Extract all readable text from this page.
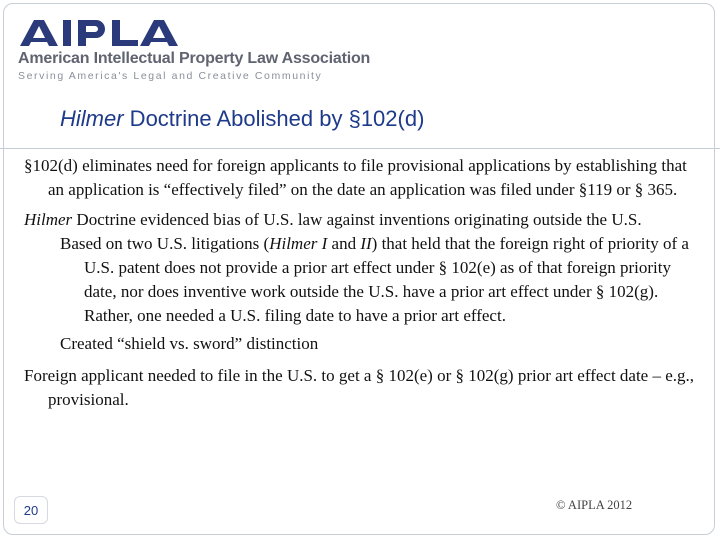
American Intellectual Property Law Association
Serving America's Legal and Creative Community
Hilmer Doctrine Abolished by §102(d)

§102(d) eliminates need for foreign applicants to file provisional applications by establishing that an application is “effectively filed” on the date an application was filed under §119 or § 365.

Hilmer Doctrine evidenced bias of U.S. law against inventions originating outside the U.S.

Based on two U.S. litigations (Hilmer I and II) that held that the foreign right of priority of a U.S. patent does not provide a prior art effect under § 102(e) as of that foreign priority date, nor does inventive work outside the U.S. have a prior art effect under § 102(g). Rather, one needed a U.S. filing date to have a prior art effect.

Created “shield vs. sword” distinction

Foreign applicant needed to file in the U.S. to get a § 102(e) or § 102(g) prior art effect date – e.g., provisional.

20	© AIPLA 2012
